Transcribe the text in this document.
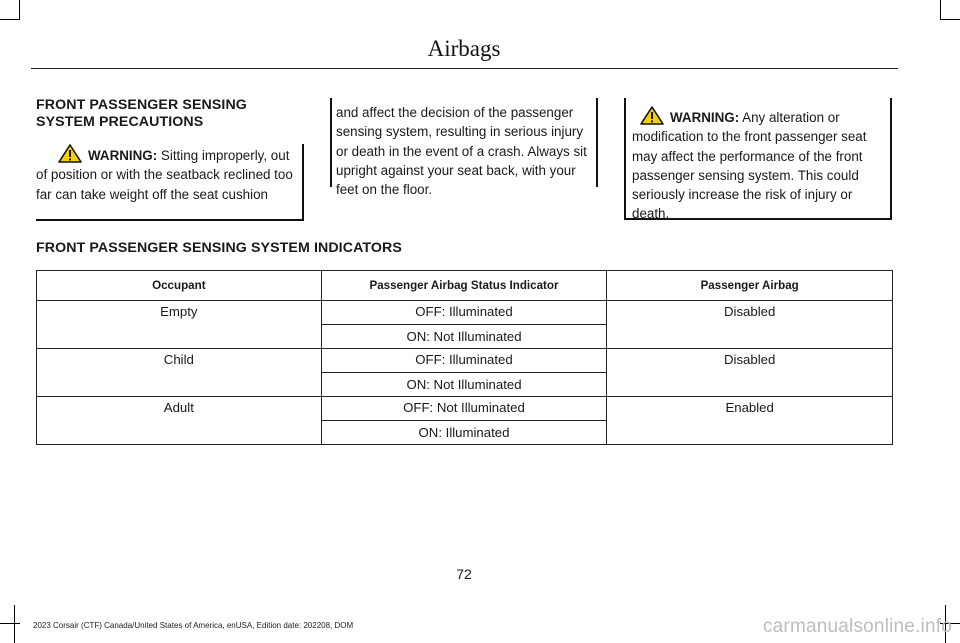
Airbags
FRONT PASSENGER SENSING SYSTEM PRECAUTIONS
WARNING: Sitting improperly, out of position or with the seatback reclined too far can take weight off the seat cushion
and affect the decision of the passenger sensing system, resulting in serious injury or death in the event of a crash. Always sit upright against your seat back, with your feet on the floor.
WARNING: Any alteration or modification to the front passenger seat may affect the performance of the front passenger sensing system. This could seriously increase the risk of injury or death.
FRONT PASSENGER SENSING SYSTEM INDICATORS
Occupant	Passenger Airbag Status Indicator	Passenger Airbag
Empty	OFF: Illuminated	Disabled
	ON: Not Illuminated	
Child	OFF: Illuminated	Disabled
	ON: Not Illuminated	
Adult	OFF: Not Illuminated	Enabled
	ON: Illuminated	
72
2023 Corsair (CTF) Canada/United States of America, enUSA, Edition date: 202208, DOM	carmanualsonline.info
